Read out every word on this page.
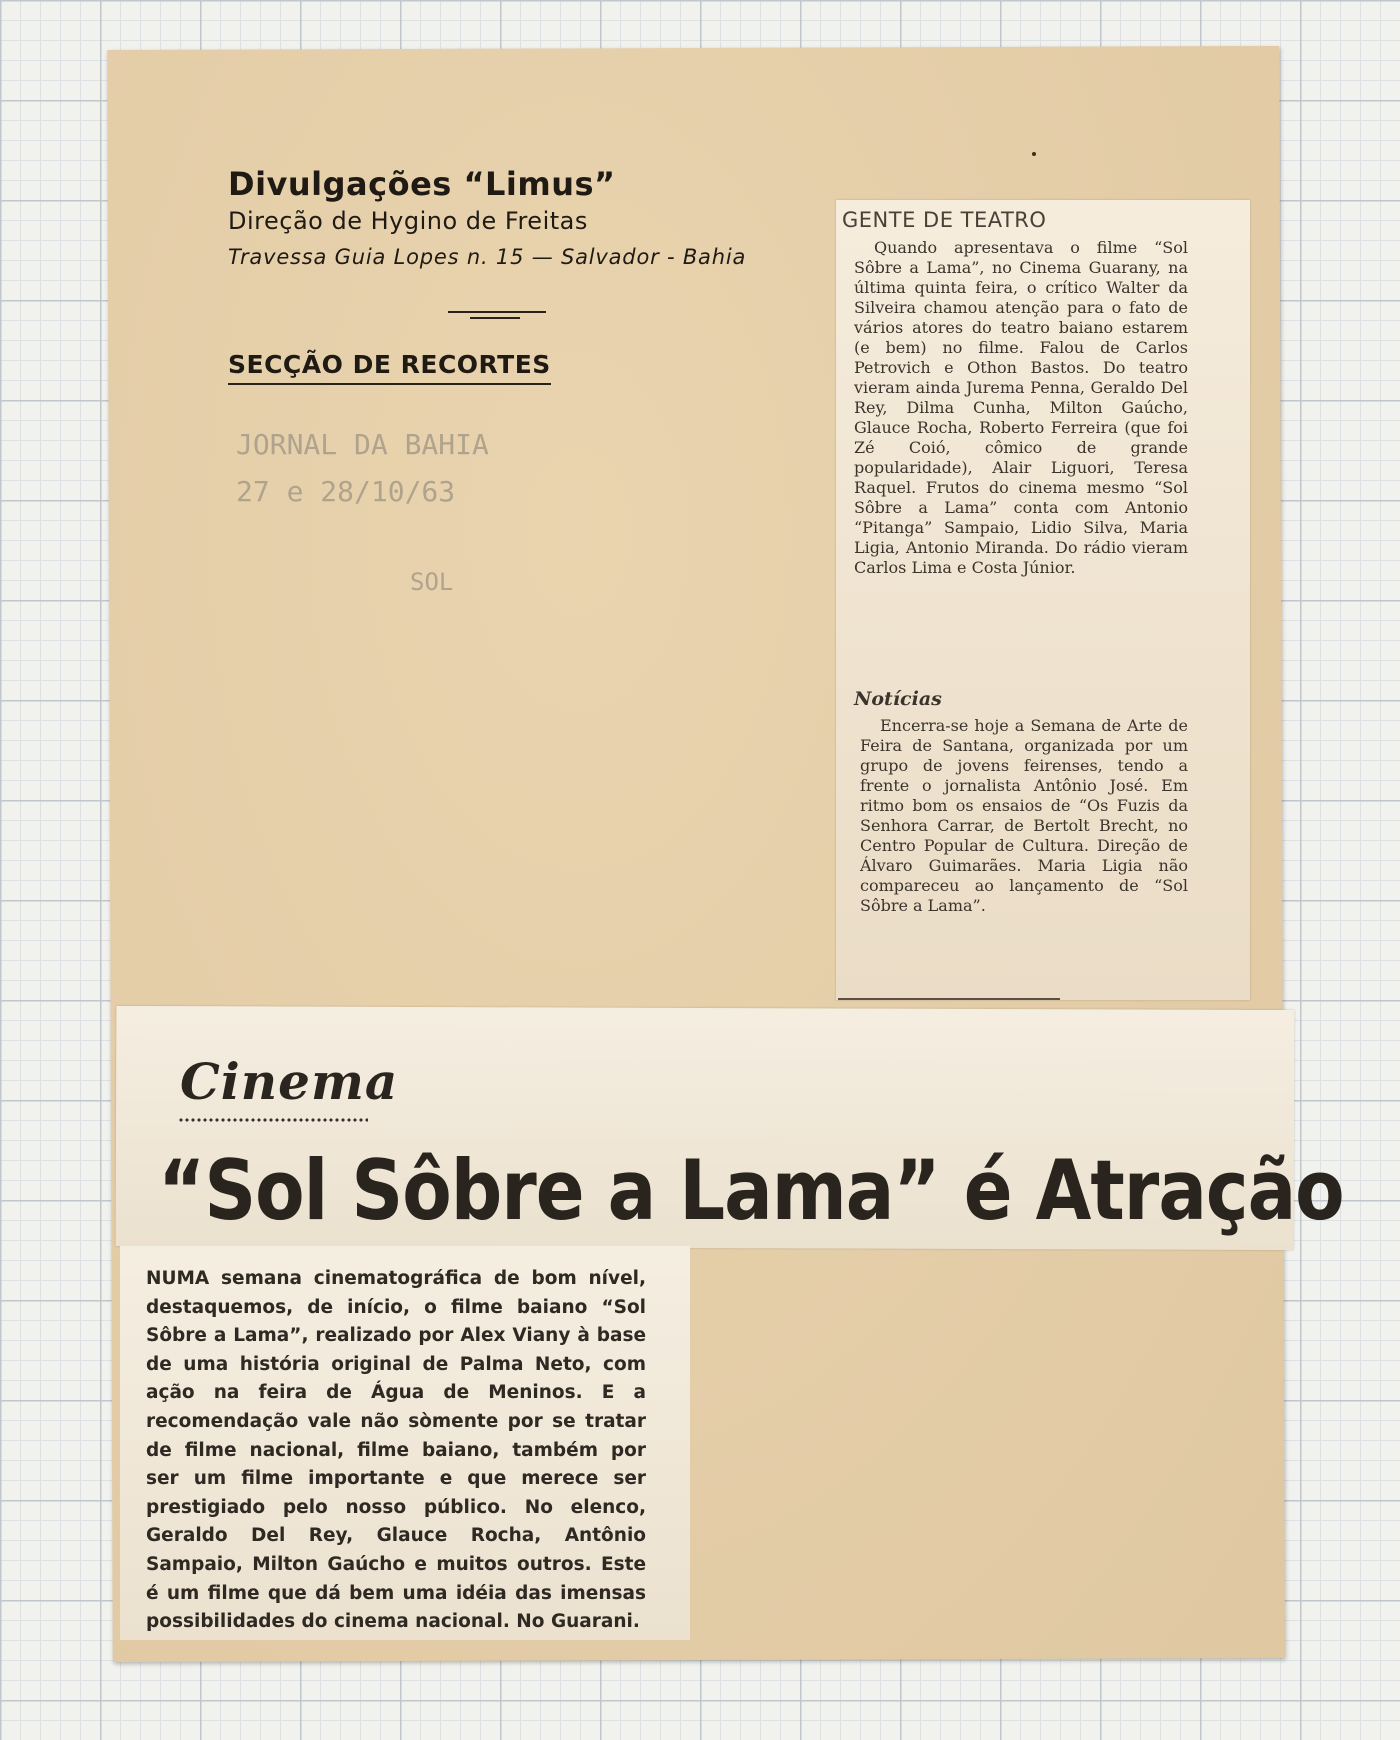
Divulgações “Limus”
Direção de Hygino de Freitas
Travessa Guia Lopes n. 15 — Salvador - Bahia
SECÇÃO DE RECORTES
JORNAL DA BAHIA
27 e 28/10/63
SOL
GENTE DE TEATRO
Quando apresentava o filme “Sol Sôbre a Lama”, no Cinema Guarany, na última quinta feira, o crítico Walter da Silveira chamou atenção para o fato de vários atores do teatro baiano estarem (e bem) no filme. Falou de Carlos Petrovich e Othon Bastos. Do teatro vieram ainda Jurema Penna, Geraldo Del Rey, Dilma Cunha, Milton Gaúcho, Glauce Rocha, Roberto Ferreira (que foi Zé Coió, cômico de grande popularidade), Alair Liguori, Teresa Raquel. Frutos do cinema mesmo “Sol Sôbre a Lama” conta com Antonio “Pitanga” Sampaio, Lidio Silva, Maria Ligia, Antonio Miranda. Do rádio vieram Carlos Lima e Costa Júnior.
Notícias
Encerra-se hoje a Semana de Arte de Feira de Santana, organizada por um grupo de jovens feirenses, tendo a frente o jornalista Antônio José. Em ritmo bom os ensaios de “Os Fuzis da Senhora Carrar, de Bertolt Brecht, no Centro Popular de Cultura. Direção de Álvaro Guimarães. Maria Ligia não compareceu ao lançamento de “Sol Sôbre a Lama”.
Cinema
“Sol Sôbre a Lama” é Atração
NUMA semana cinematográfica de bom nível, destaquemos, de início, o filme baiano “Sol Sôbre a Lama”, realizado por Alex Viany à base de uma história original de Palma Neto, com ação na feira de Água de Meninos. E a recomendação vale não sòmente por se tratar de filme nacional, filme baiano, também por ser um filme importante e que merece ser prestigiado pelo nosso público. No elenco, Geraldo Del Rey, Glauce Rocha, Antônio Sampaio, Milton Gaúcho e muitos outros. Este é um filme que dá bem uma idéia das imensas possibilidades do cinema nacional. No Guarani.
